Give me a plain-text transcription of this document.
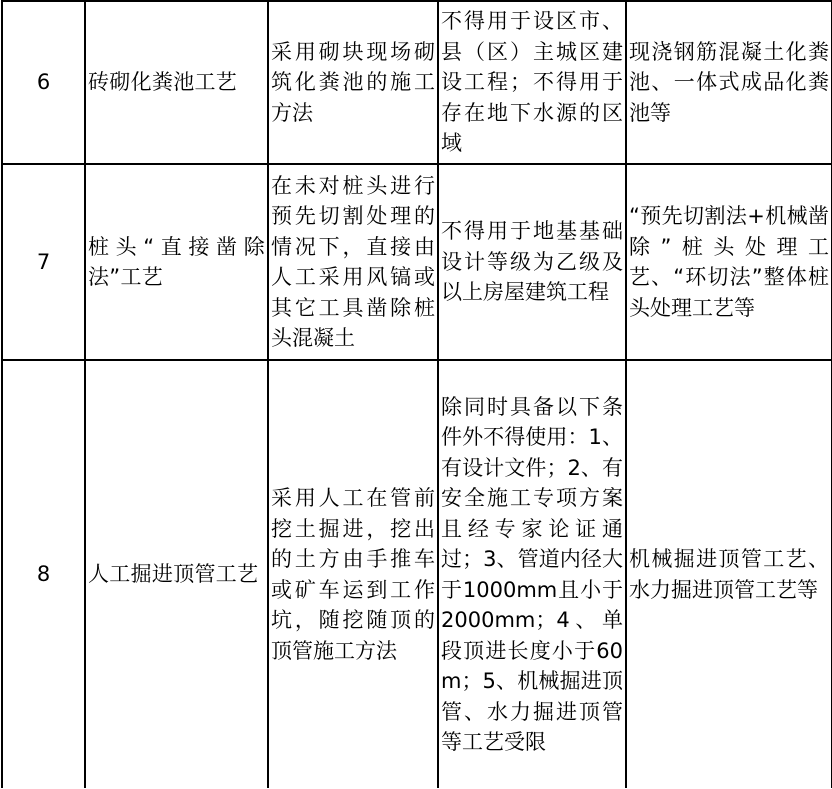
6	砖砌化粪池工艺	采用砌块现场砌筑化粪池的施工方法	不得用于设区市、县（区）主城区建设工程；不得用于存在地下水源的区域	现浇钢筋混凝土化粪池、一体式成品化粪池等
7	桩头“直接凿除法”工艺	在未对桩头进行预先切割处理的情况下，直接由人工采用风镐或其它工具凿除桩头混凝土	不得用于地基基础设计等级为乙级及以上房屋建筑工程	“预先切割法+机械凿除”桩头处理工艺、“环切法”整体桩头处理工艺等
8	人工掘进顶管工艺	采用人工在管前挖土掘进，挖出的土方由手推车或矿车运到工作坑，随挖随顶的顶管施工方法	除同时具备以下条件外不得使用：1、有设计文件；2、有安全施工专项方案且经专家论证通过；3、管道内径大于1000mm且小于2000mm；4、单段顶进长度小于60m；5、机械掘进顶管、水力掘进顶管等工艺受限	机械掘进顶管工艺、水力掘进顶管工艺等
